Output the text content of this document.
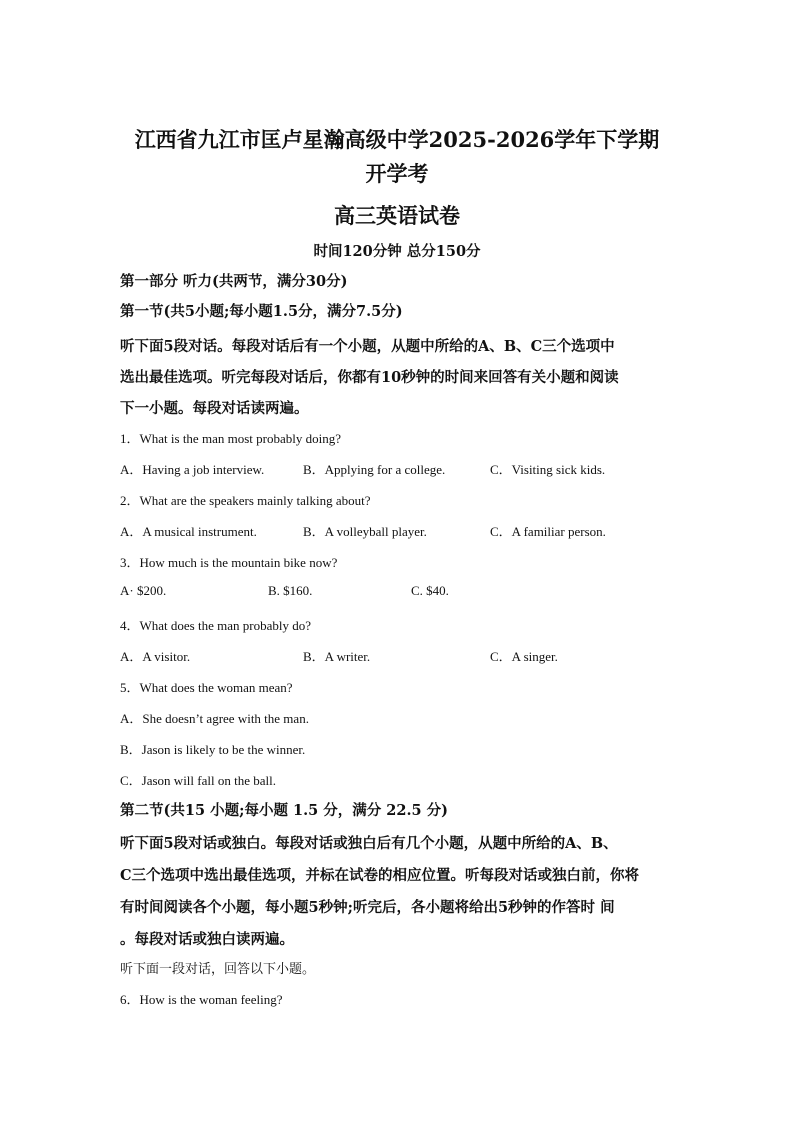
江西省九江市匡卢星瀚高级中学2025-2026学年下学期
开学考
高三英语试卷
时间120分钟 总分150分
第一部分 听力(共两节，满分30分)
第一节(共5小题;每小题1.5分，满分7.5分)
听下面5段对话。每段对话后有一个小题，从题中所给的A、B、C三个选项中
选出最佳选项。听完每段对话后，你都有10秒钟的时间来回答有关小题和阅读
下一小题。每段对话读两遍。
1．What is the man most probably doing?
A．Having a job interview.	B．Applying for a college.	C．Visiting sick kids.
2．What are the speakers mainly talking about?
A．A musical instrument.	B．A volleyball player.	C．A familiar person.
3．How much is the mountain bike now?
A· $200.	B. $160.	C. $40.
4．What does the man probably do?
A．A visitor.	B．A writer.	C．A singer.
5．What does the woman mean?
A．She doesn’t agree with the man.
B．Jason is likely to be the winner.
C．Jason will fall on the ball.
第二节(共15 小题;每小题 1.5 分，满分 22.5 分)
听下面5段对话或独白。每段对话或独白后有几个小题，从题中所给的A、B、
C三个选项中选出最佳选项，并标在试卷的相应位置。听每段对话或独白前，你将
有时间阅读各个小题，每小题5秒钟;听完后，各小题将给出5秒钟的作答时 间
。每段对话或独白读两遍。
听下面一段对话，回答以下小题。
6．How is the woman feeling?
